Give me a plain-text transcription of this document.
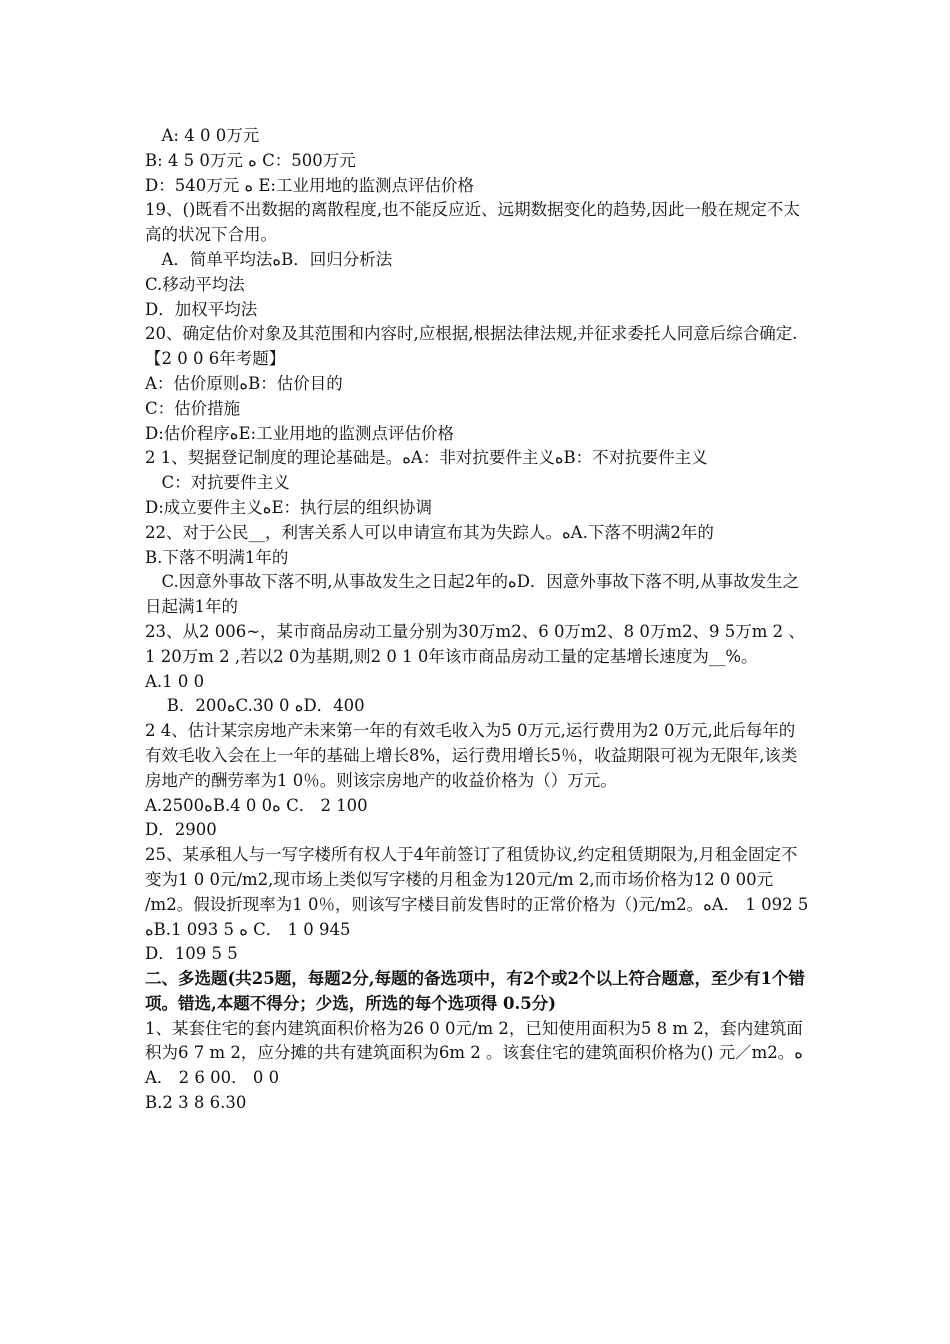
　A: 4 0 0万元
B: 4 5 0万元 ﻩ C：500万元
D：540万元 ﻩ E:工业用地的监测点评估价格
19、()既看不出数据的离散程度,也不能反应近、远期数据变化的趋势,因此一般在规定不太高的状况下合用。
　A．简单平均法ﻩB．回归分析法
C.移动平均法
D．加权平均法
20、确定估价对象及其范围和内容时,应根据,根据法律法规,并征求委托人同意后综合确定.【2 0 0 6年考题】
A：估价原则ﻩB：估价目的
C：估价措施
D:估价程序ﻩE:工业用地的监测点评估价格
2 1、契据登记制度的理论基础是。ﻩA：非对抗要件主义ﻩB：不对抗要件主义
　C：对抗要件主义
D:成立要件主义ﻩE：执行层的组织协调
22、对于公民__，利害关系人可以申请宣布其为失踪人。ﻩA.下落不明满2年的
B.下落不明满1年的
　C.因意外事故下落不明,从事故发生之日起2年的ﻩD．因意外事故下落不明,从事故发生之日起满1年的
23、从2 006~，某市商品房动工量分别为30万m2、6 0万m2、8 0万m2、9 5万m 2 、 1 20万m 2 ,若以2 0为基期,则2 0 1 0年该市商品房动工量的定基增长速度为__%。
A.1 0 0
　 B．200ﻩC.30 0 ﻩD．400
2 4、估计某宗房地产未来第一年的有效毛收入为5 0万元,运行费用为2 0万元,此后每年的有效毛收入会在上一年的基础上增长8%，运行费用增长5％，收益期限可视为无限年,该类房地产的酬劳率为1 0％。则该宗房地产的收益价格为（）万元。
A.2500ﻩB.4 0 0ﻩ C． 2 100
D．2900
25、某承租人与一写字楼所有权人于4年前签订了租赁协议,约定租赁期限为,月租金固定不变为1 0 0元/m2,现市场上类似写字楼的月租金为120元/m 2,而市场价格为12 0 00元　　/m2。假设折现率为1 0％，则该写字楼目前发售时的正常价格为（)元/m2。ﻩA． 1 092 5 ﻩB.1 093 5 ﻩ C． 1 0 945
D．109 5 5
二、多选题(共25题，每题2分,每题的备选项中，有2个或2个以上符合题意，至少有1个错项。错选,本题不得分；少选，所选的每个选项得 0.5分)
1、某套住宅的套内建筑面积价格为26 0 0元/m 2，已知使用面积为5 8 m 2，套内建筑面积为6 7 m 2，应分摊的共有建筑面积为6m 2 。该套住宅的建筑面积价格为() 元／m2。ﻩ A． 2 6 00． 0 0
B.2 3 8 6.30
